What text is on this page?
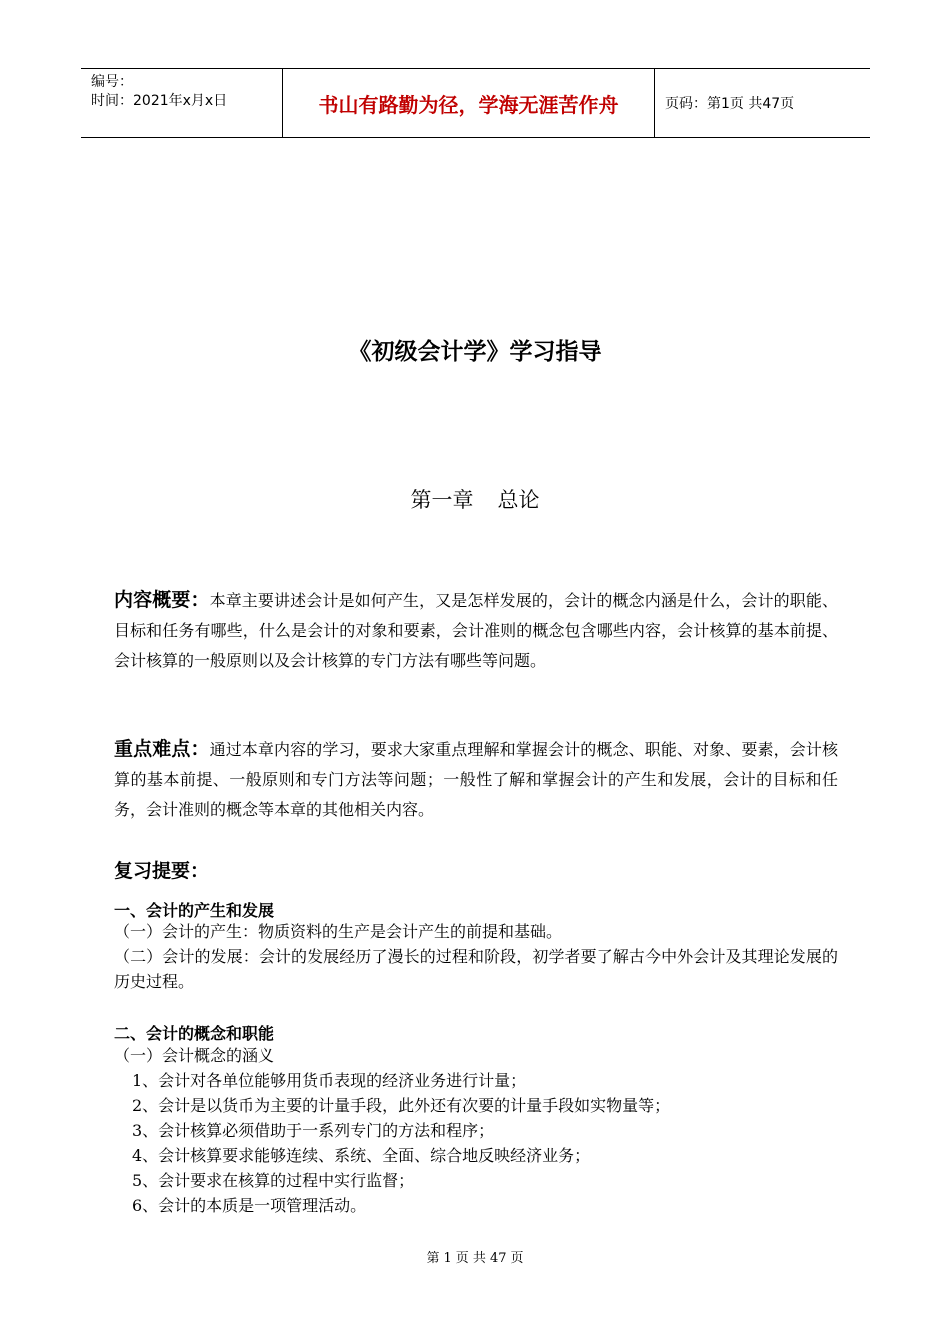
编号：
时间：2021年x月x日	书山有路勤为径，学海无涯苦作舟	页码：第1页 共47页
《初级会计学》学习指导
第一章 总论
内容概要：本章主要讲述会计是如何产生，又是怎样发展的，会计的概念内涵是什么，会计的职能、目标和任务有哪些，什么是会计的对象和要素，会计准则的概念包含哪些内容，会计核算的基本前提、会计核算的一般原则以及会计核算的专门方法有哪些等问题。
重点难点：通过本章内容的学习，要求大家重点理解和掌握会计的概念、职能、对象、要素，会计核算的基本前提、一般原则和专门方法等问题；一般性了解和掌握会计的产生和发展，会计的目标和任务，会计准则的概念等本章的其他相关内容。
复习提要：
一、会计的产生和发展
（一）会计的产生：物质资料的生产是会计产生的前提和基础。
（二）会计的发展：会计的发展经历了漫长的过程和阶段，初学者要了解古今中外会计及其理论发展的历史过程。
二、会计的概念和职能
（一）会计概念的涵义
1、会计对各单位能够用货币表现的经济业务进行计量；
2、会计是以货币为主要的计量手段，此外还有次要的计量手段如实物量等；
3、会计核算必须借助于一系列专门的方法和程序；
4、会计核算要求能够连续、系统、全面、综合地反映经济业务；
5、会计要求在核算的过程中实行监督；
6、会计的本质是一项管理活动。
第 1 页 共 47 页
